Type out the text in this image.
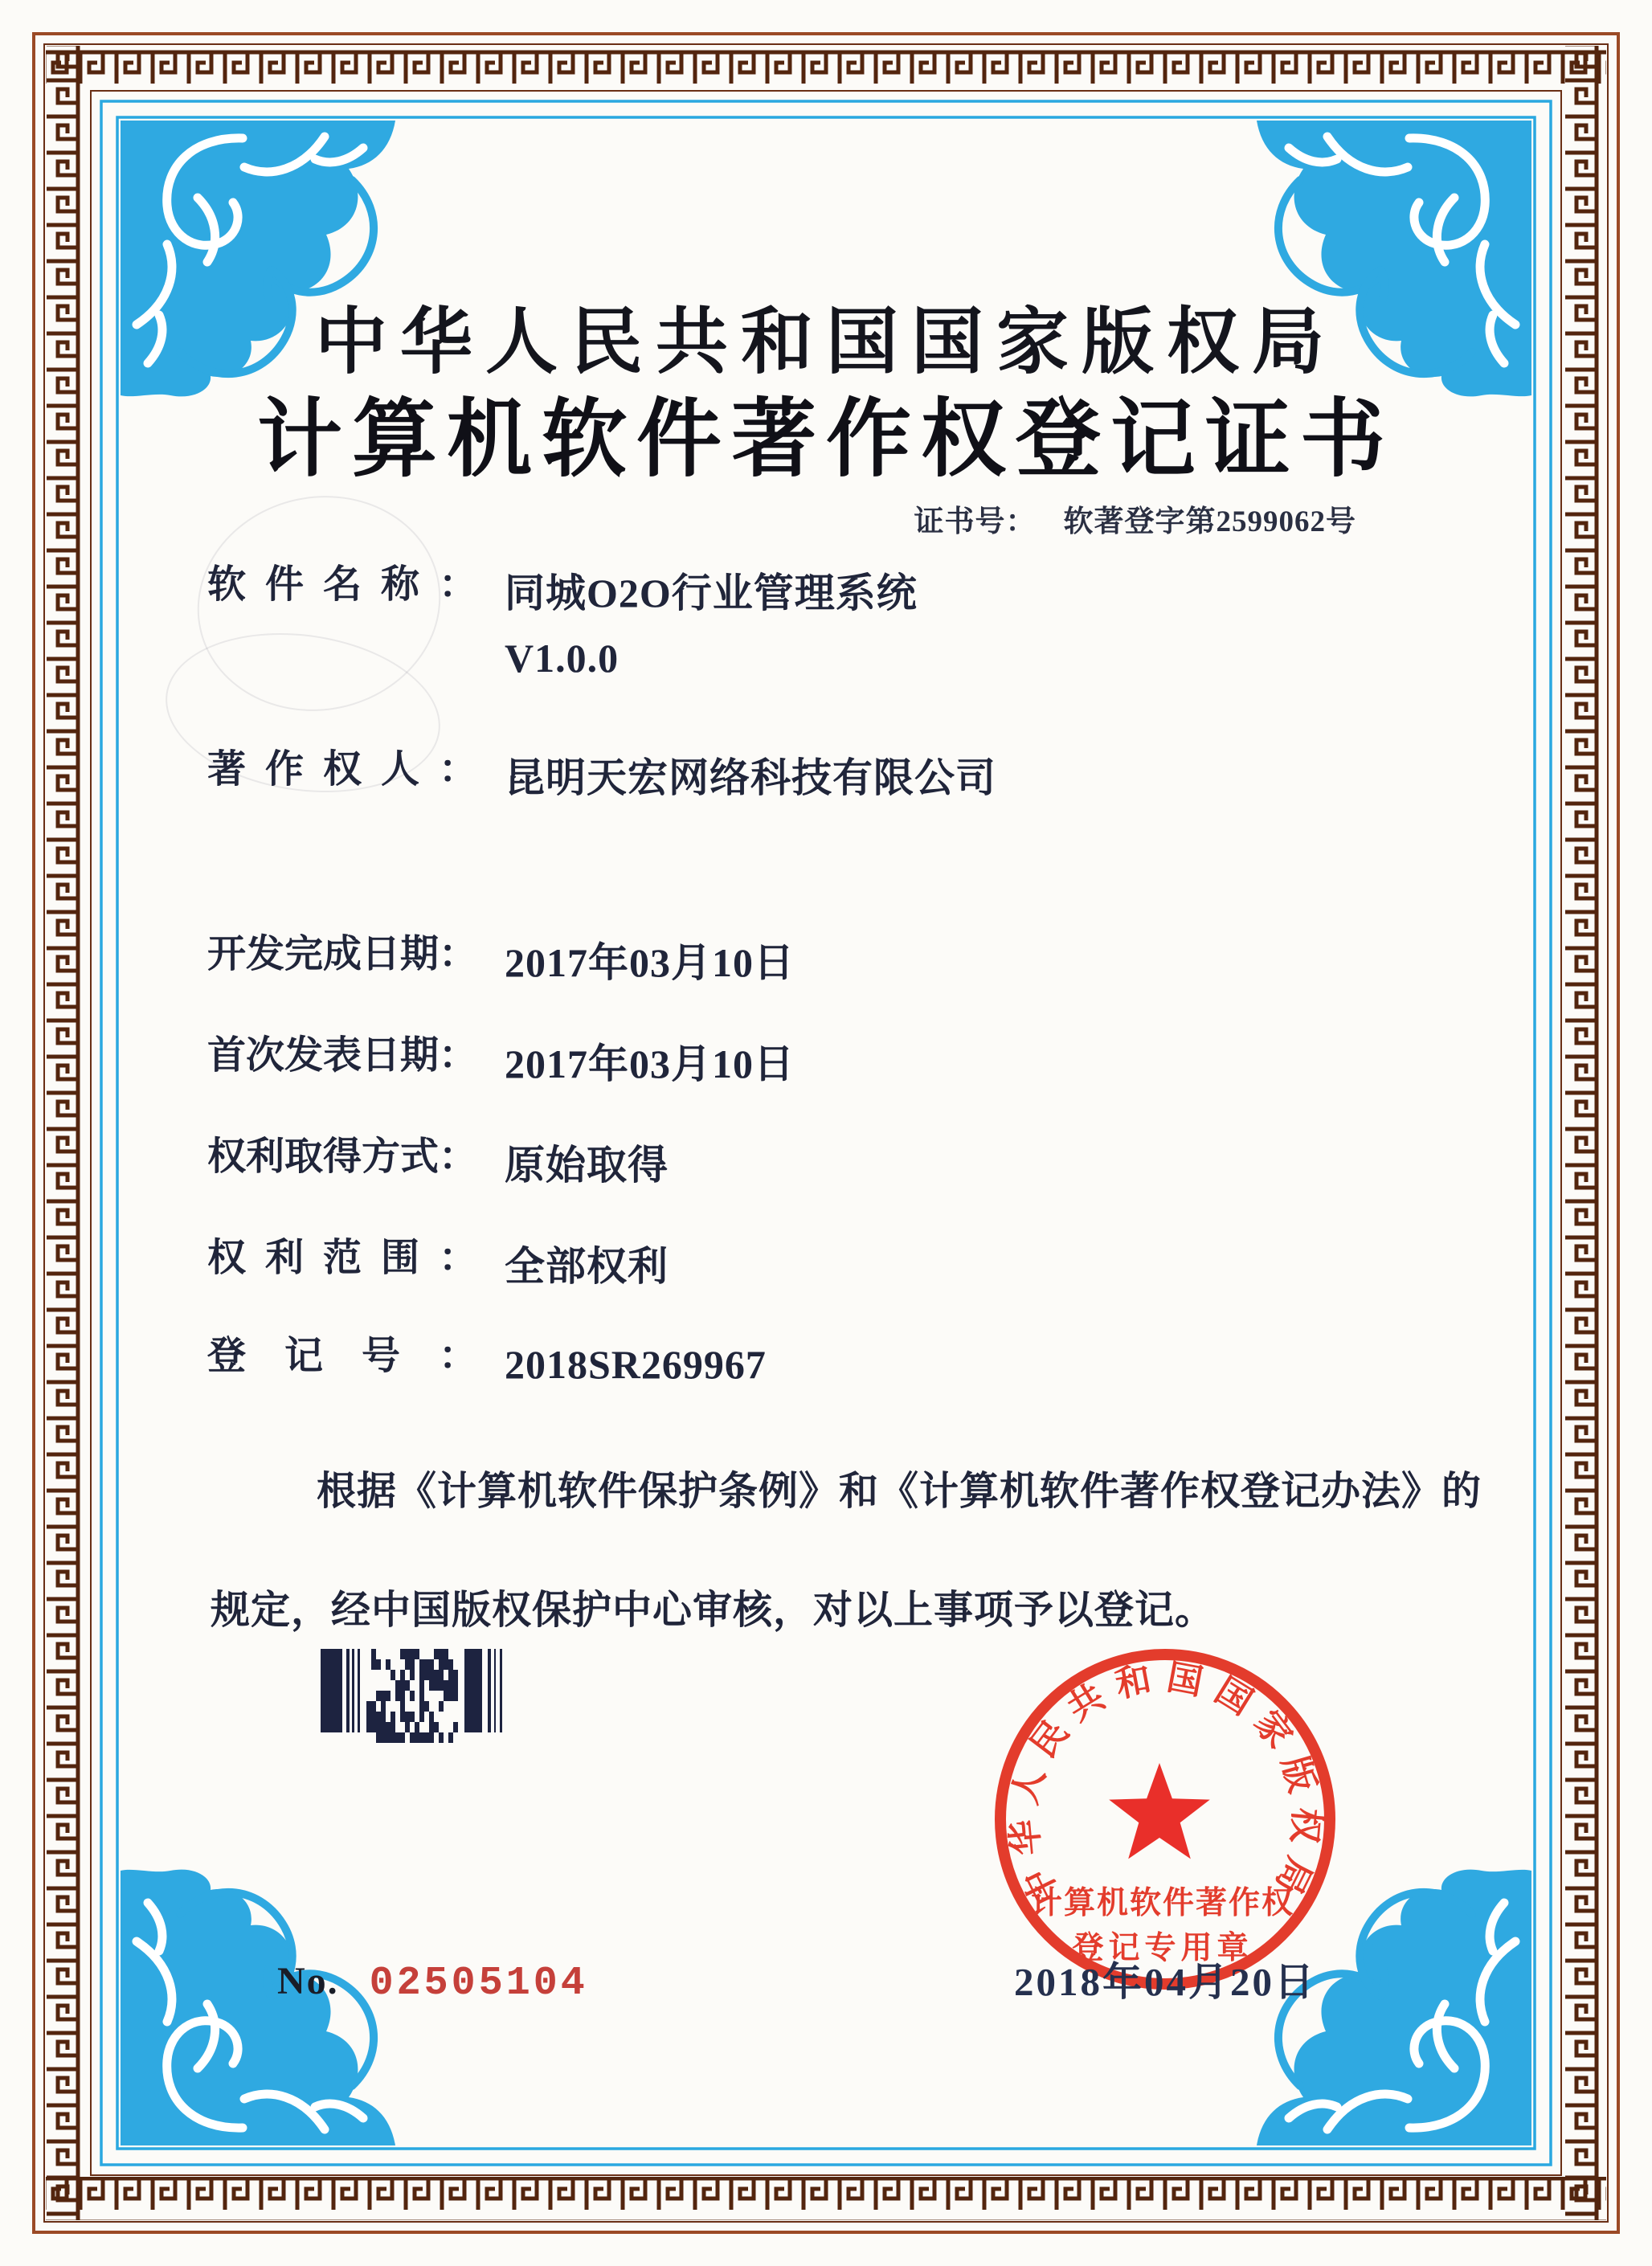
中华人民共和国国家版权局
计算机软件著作权登记证书
证书号： 软著登字第2599062号
软件名称： 同城O2O行业管理系统
V1.0.0
著作权人： 昆明天宏网络科技有限公司
开发完成日期： 2017年03月10日
首次发表日期： 2017年03月10日
权利取得方式： 原始取得
权利范围： 全部权利
登记号： 2018SR269967
根据《计算机软件保护条例》和《计算机软件著作权登记办法》的
规定，经中国版权保护中心审核，对以上事项予以登记。
中华人民共和国国家版权局
计算机软件著作权
登记专用章
2018年04月20日
No. 02505104
